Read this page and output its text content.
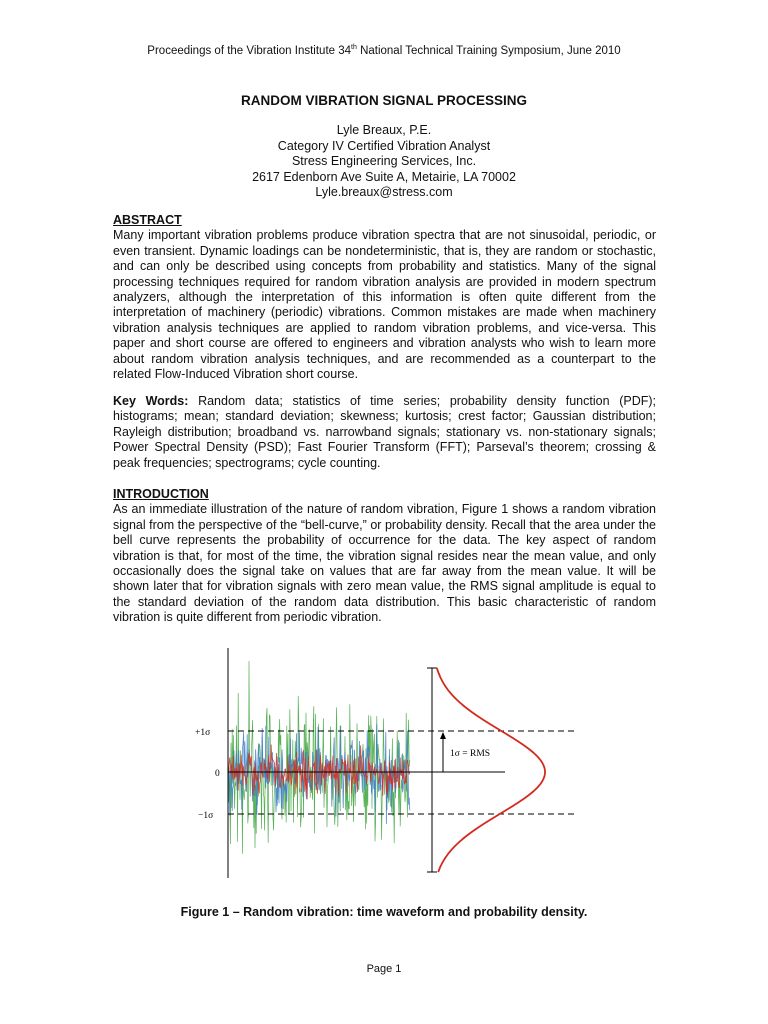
Proceedings of the Vibration Institute 34th National Technical Training Symposium, June 2010
RANDOM VIBRATION SIGNAL PROCESSING
Lyle Breaux, P.E.
Category IV Certified Vibration Analyst
Stress Engineering Services, Inc.
2617 Edenborn Ave Suite A, Metairie, LA 70002
Lyle.breaux@stress.com
ABSTRACT
Many important vibration problems produce vibration spectra that are not sinusoidal, periodic, or even transient. Dynamic loadings can be nondeterministic, that is, they are random or stochastic, and can only be described using concepts from probability and statistics. Many of the signal processing techniques required for random vibration analysis are provided in modern spectrum analyzers, although the interpretation of this information is often quite different from the interpretation of machinery (periodic) vibrations. Common mistakes are made when machinery vibration analysis techniques are applied to random vibration problems, and vice-versa. This paper and short course are offered to engineers and vibration analysts who wish to learn more about random vibration analysis techniques, and are recommended as a counterpart to the related Flow-Induced Vibration short course.
Key Words: Random data; statistics of time series; probability density function (PDF); histograms; mean; standard deviation; skewness; kurtosis; crest factor; Gaussian distribution; Rayleigh distribution; broadband vs. narrowband signals; stationary vs. non-stationary signals; Power Spectral Density (PSD); Fast Fourier Transform (FFT); Parseval’s theorem; crossing & peak frequencies; spectrograms; cycle counting.
INTRODUCTION
As an immediate illustration of the nature of random vibration, Figure 1 shows a random vibration signal from the perspective of the “bell-curve,” or probability density. Recall that the area under the bell curve represents the probability of occurrence for the data. The key aspect of random vibration is that, for most of the time, the vibration signal resides near the mean value, and only occasionally does the signal take on values that are far away from the mean value. It will be shown later that for vibration signals with zero mean value, the RMS signal amplitude is equal to the standard deviation of the random data distribution. This basic characteristic of random vibration is quite different from periodic vibration.
+1σ
0
−1σ
1σ = RMS
Figure 1 – Random vibration: time waveform and probability density.
Page 1
